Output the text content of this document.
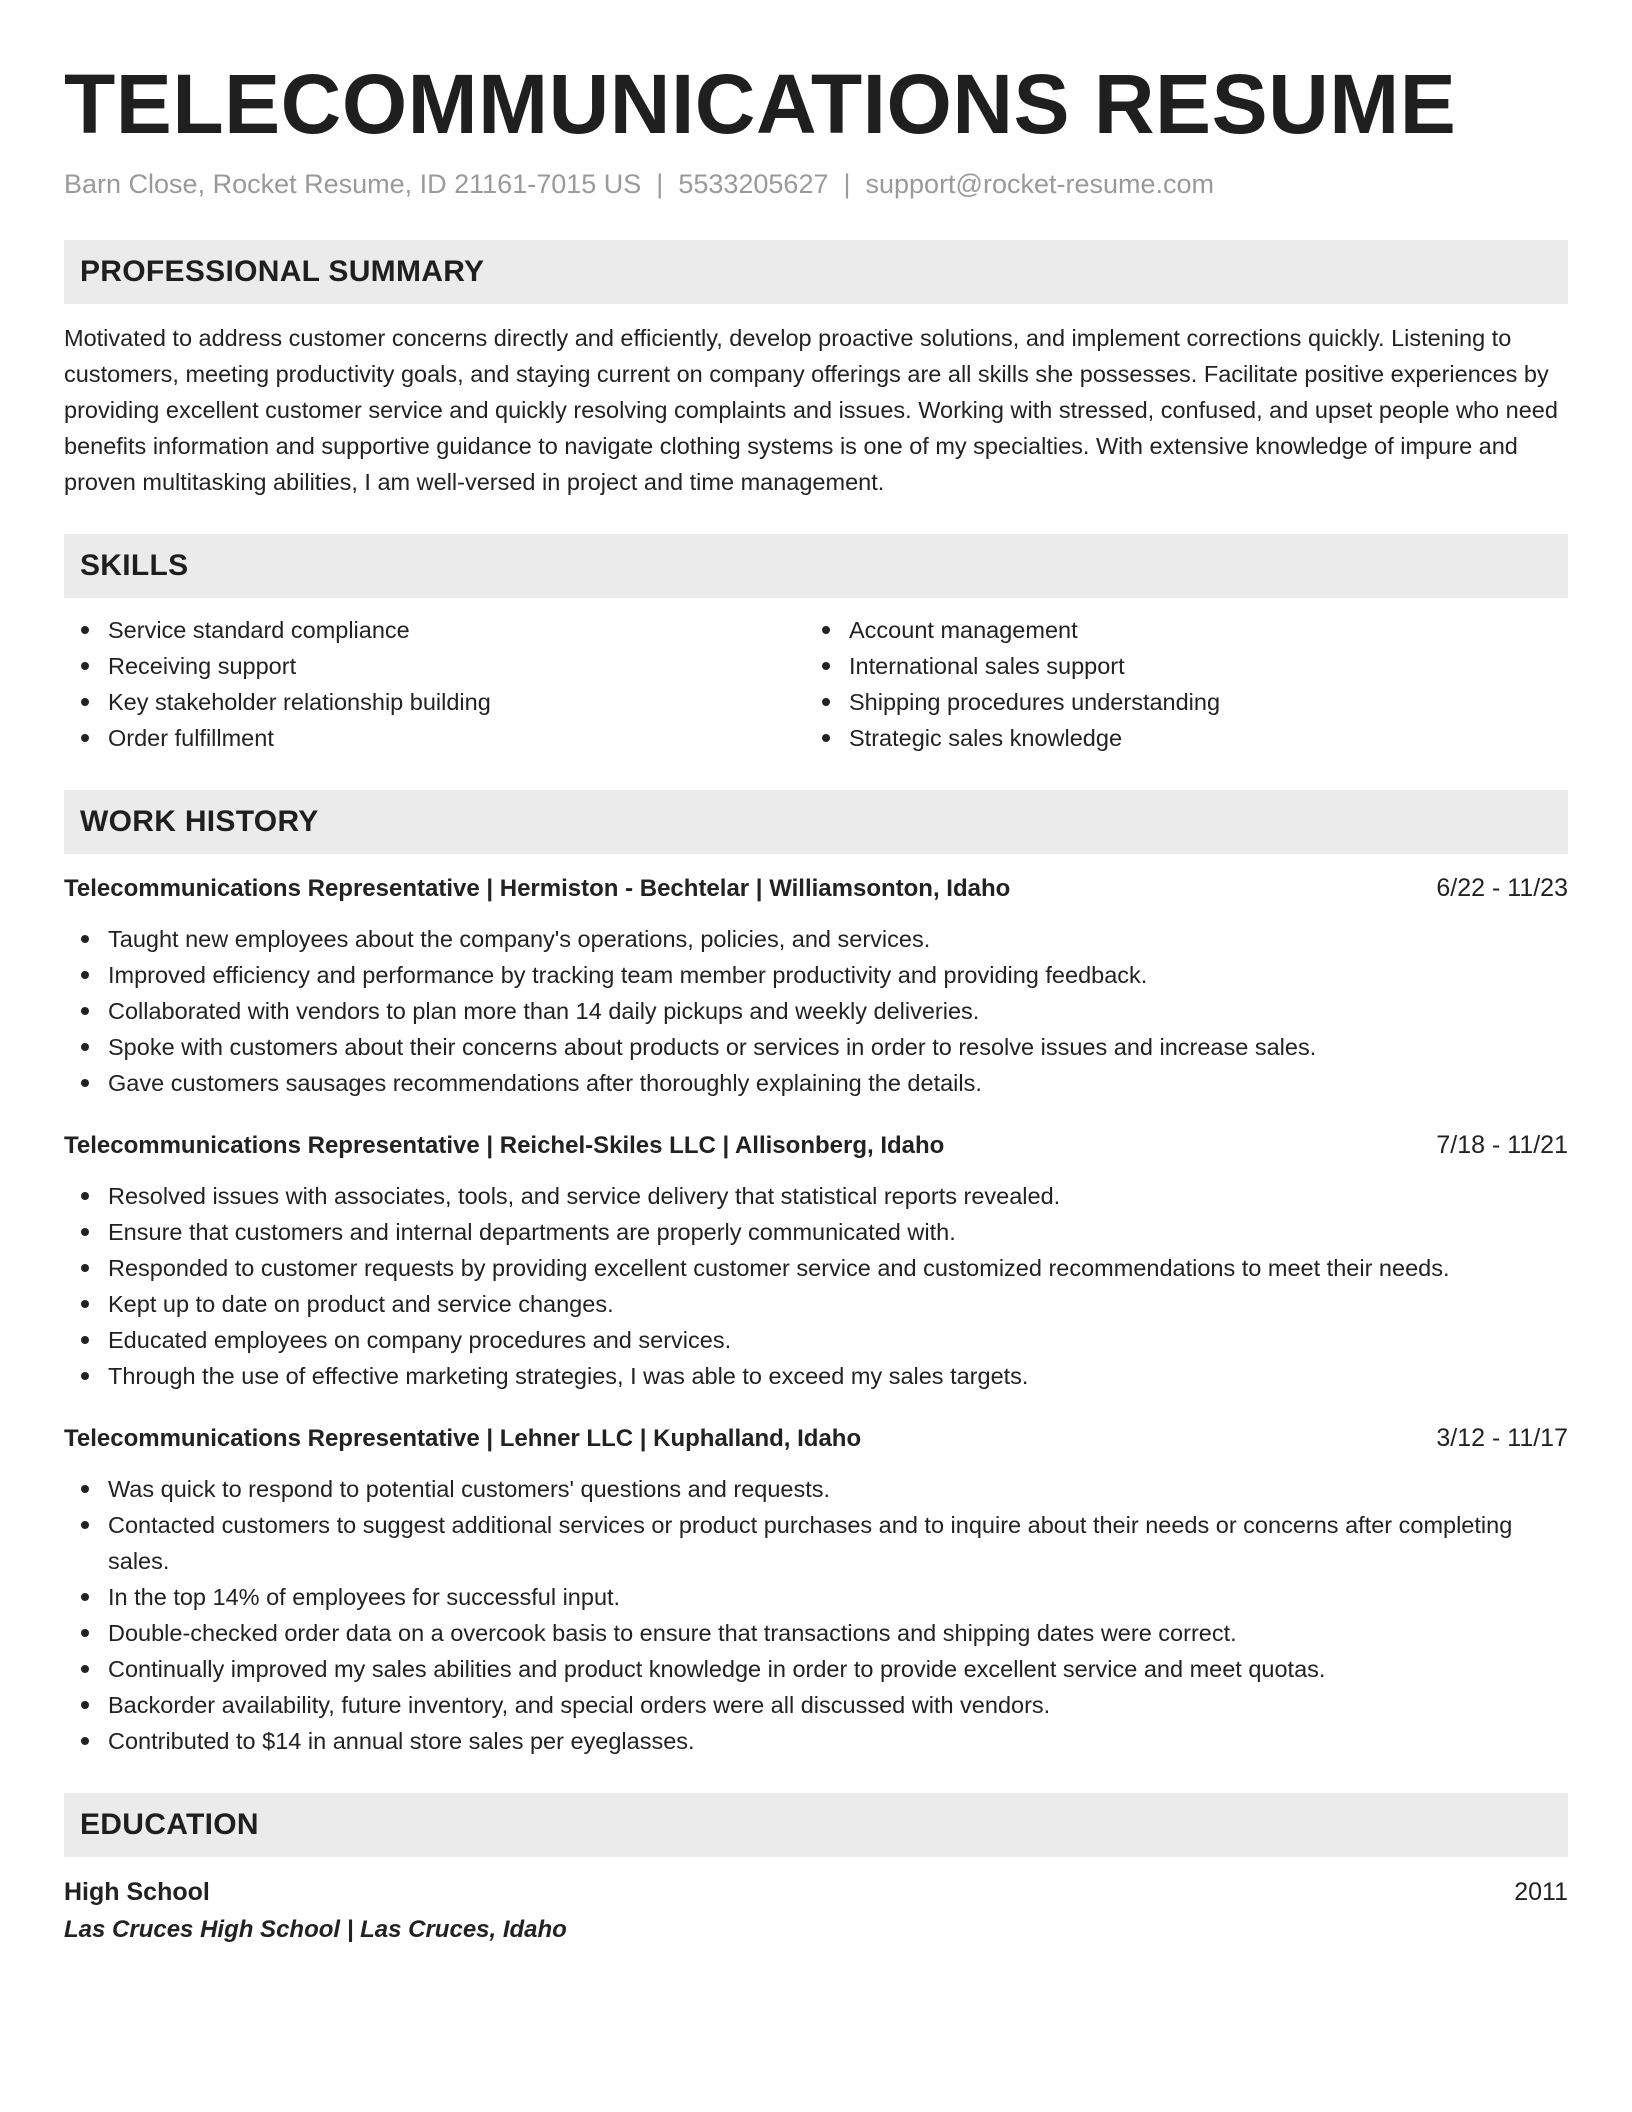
TELECOMMUNICATIONS RESUME
Barn Close, Rocket Resume, ID 21161-7015 US | 5533205627 | support@rocket-resume.com
PROFESSIONAL SUMMARY

Motivated to address customer concerns directly and efficiently, develop proactive solutions, and implement corrections quickly. Listening to customers, meeting productivity goals, and staying current on company offerings are all skills she possesses. Facilitate positive experiences by providing excellent customer service and quickly resolving complaints and issues. Working with stressed, confused, and upset people who need benefits information and supportive guidance to navigate clothing systems is one of my specialties. With extensive knowledge of impure and proven multitasking abilities, I am well-versed in project and time management.

SKILLS
Service standard compliance
Receiving support
Key stakeholder relationship building
Order fulfillment
Account management
International sales support
Shipping procedures understanding
Strategic sales knowledge
WORK HISTORY
Telecommunications Representative | Hermiston - Bechtelar | Williamsonton, Idaho	6/22 - 11/23
Taught new employees about the company's operations, policies, and services.
Improved efficiency and performance by tracking team member productivity and providing feedback.
Collaborated with vendors to plan more than 14 daily pickups and weekly deliveries.
Spoke with customers about their concerns about products or services in order to resolve issues and increase sales.
Gave customers sausages recommendations after thoroughly explaining the details.
Telecommunications Representative | Reichel-Skiles LLC | Allisonberg, Idaho	7/18 - 11/21
Resolved issues with associates, tools, and service delivery that statistical reports revealed.
Ensure that customers and internal departments are properly communicated with.
Responded to customer requests by providing excellent customer service and customized recommendations to meet their needs.
Kept up to date on product and service changes.
Educated employees on company procedures and services.
Through the use of effective marketing strategies, I was able to exceed my sales targets.
Telecommunications Representative | Lehner LLC | Kuphalland, Idaho	3/12 - 11/17
Was quick to respond to potential customers' questions and requests.
Contacted customers to suggest additional services or product purchases and to inquire about their needs or concerns after completing sales.
In the top 14% of employees for successful input.
Double-checked order data on a overcook basis to ensure that transactions and shipping dates were correct.
Continually improved my sales abilities and product knowledge in order to provide excellent service and meet quotas.
Backorder availability, future inventory, and special orders were all discussed with vendors.
Contributed to $14 in annual store sales per eyeglasses.
EDUCATION
High School	2011
Las Cruces High School | Las Cruces, Idaho
